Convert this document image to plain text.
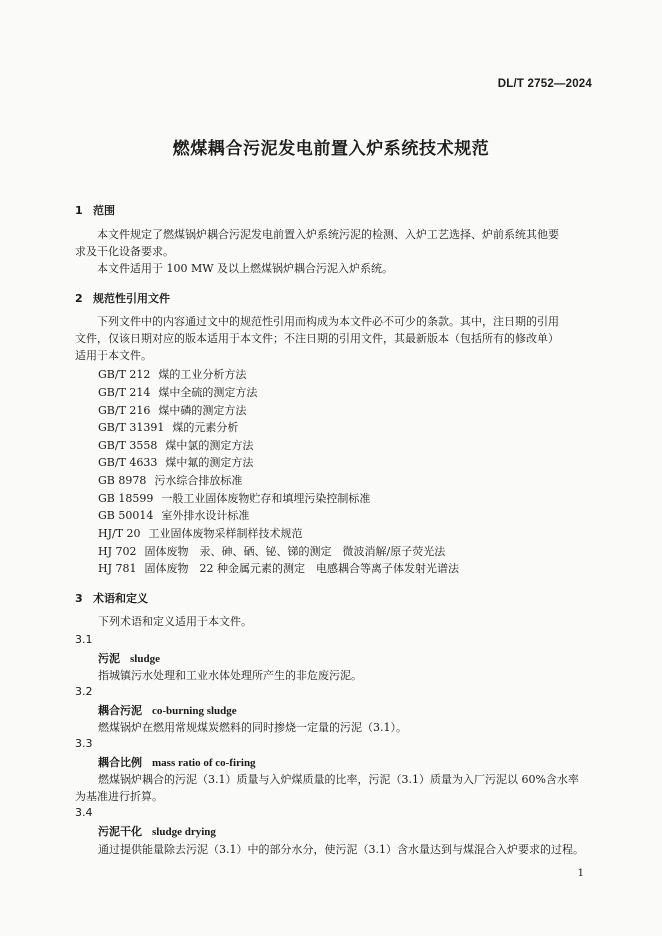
DL/T 2752—2024
燃煤耦合污泥发电前置入炉系统技术规范
1 范围
本文件规定了燃煤锅炉耦合污泥发电前置入炉系统污泥的检测、入炉工艺选择、炉前系统其他要
求及干化设备要求。
本文件适用于 100 MW 及以上燃煤锅炉耦合污泥入炉系统。
2 规范性引用文件
下列文件中的内容通过文中的规范性引用而构成为本文件必不可少的条款。其中，注日期的引用
文件，仅该日期对应的版本适用于本文件；不注日期的引用文件，其最新版本（包括所有的修改单）
适用于本文件。
GB/T 212 煤的工业分析方法
GB/T 214 煤中全硫的测定方法
GB/T 216 煤中磷的测定方法
GB/T 31391 煤的元素分析
GB/T 3558 煤中氯的测定方法
GB/T 4633 煤中氟的测定方法
GB 8978 污水综合排放标准
GB 18599 一般工业固体废物贮存和填埋污染控制标准
GB 50014 室外排水设计标准
HJ/T 20 工业固体废物采样制样技术规范
HJ 702 固体废物　汞、砷、硒、铋、锑的测定　微波消解/原子荧光法
HJ 781 固体废物　22 种金属元素的测定　电感耦合等离子体发射光谱法
3 术语和定义
下列术语和定义适用于本文件。
3.1
污泥 sludge
指城镇污水处理和工业水体处理所产生的非危废污泥。
3.2
耦合污泥 co-burning sludge
燃煤锅炉在燃用常规煤炭燃料的同时掺烧一定量的污泥（3.1）。
3.3
耦合比例 mass ratio of co-firing
燃煤锅炉耦合的污泥（3.1）质量与入炉煤质量的比率，污泥（3.1）质量为入厂污泥以 60%含水率
为基准进行折算。
3.4
污泥干化 sludge drying
通过提供能量除去污泥（3.1）中的部分水分，使污泥（3.1）含水量达到与煤混合入炉要求的过程。
1
